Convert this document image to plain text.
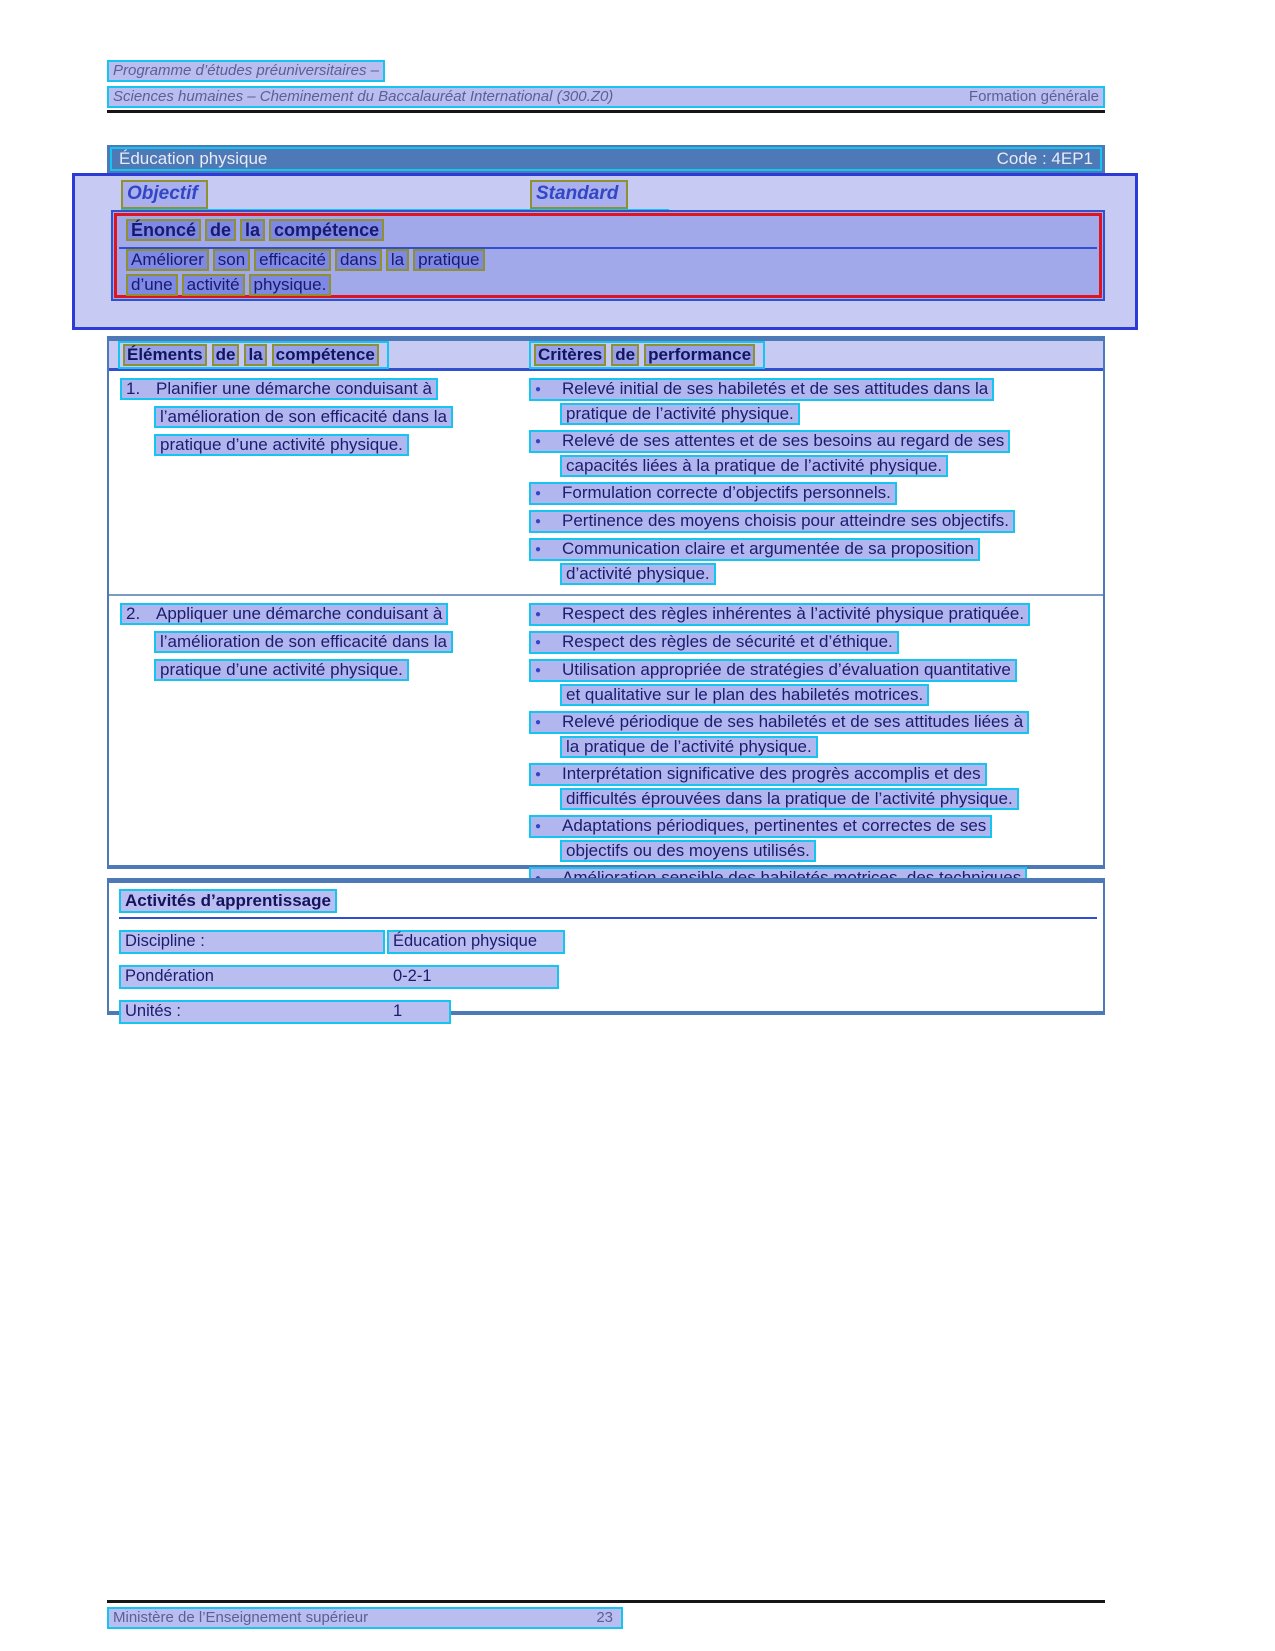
Programme d’études préuniversitaires –
Sciences humaines – Cheminement du Baccalauréat International (300.Z0)	Formation générale
Éducation physique	Code : 4EP1
Objectif	Standard
Énoncé de la compétence
Améliorer son efficacité dans la pratique
d’une activité physique.
Éléments de la compétence	Critères de performance
1. Planifier une démarche conduisant à
l’amélioration de son efficacité dans la
pratique d’une activité physique.
● Relevé initial de ses habiletés et de ses attitudes dans la
pratique de l’activité physique.
● Relevé de ses attentes et de ses besoins au regard de ses
capacités liées à la pratique de l’activité physique.
● Formulation correcte d’objectifs personnels.
● Pertinence des moyens choisis pour atteindre ses objectifs.
● Communication claire et argumentée de sa proposition
d’activité physique.
2. Appliquer une démarche conduisant à
l’amélioration de son efficacité dans la
pratique d’une activité physique.
● Respect des règles inhérentes à l’activité physique pratiquée.
● Respect des règles de sécurité et d’éthique.
● Utilisation appropriée de stratégies d’évaluation quantitative
et qualitative sur le plan des habiletés motrices.
● Relevé périodique de ses habiletés et de ses attitudes liées à
la pratique de l’activité physique.
● Interprétation significative des progrès accomplis et des
difficultés éprouvées dans la pratique de l’activité physique.
● Adaptations périodiques, pertinentes et correctes de ses
objectifs ou des moyens utilisés.
Activités d’apprentissage
Discipline :	Éducation physique
Pondération	0-2-1
Unités :	1
Ministère de l’Enseignement supérieur	23
